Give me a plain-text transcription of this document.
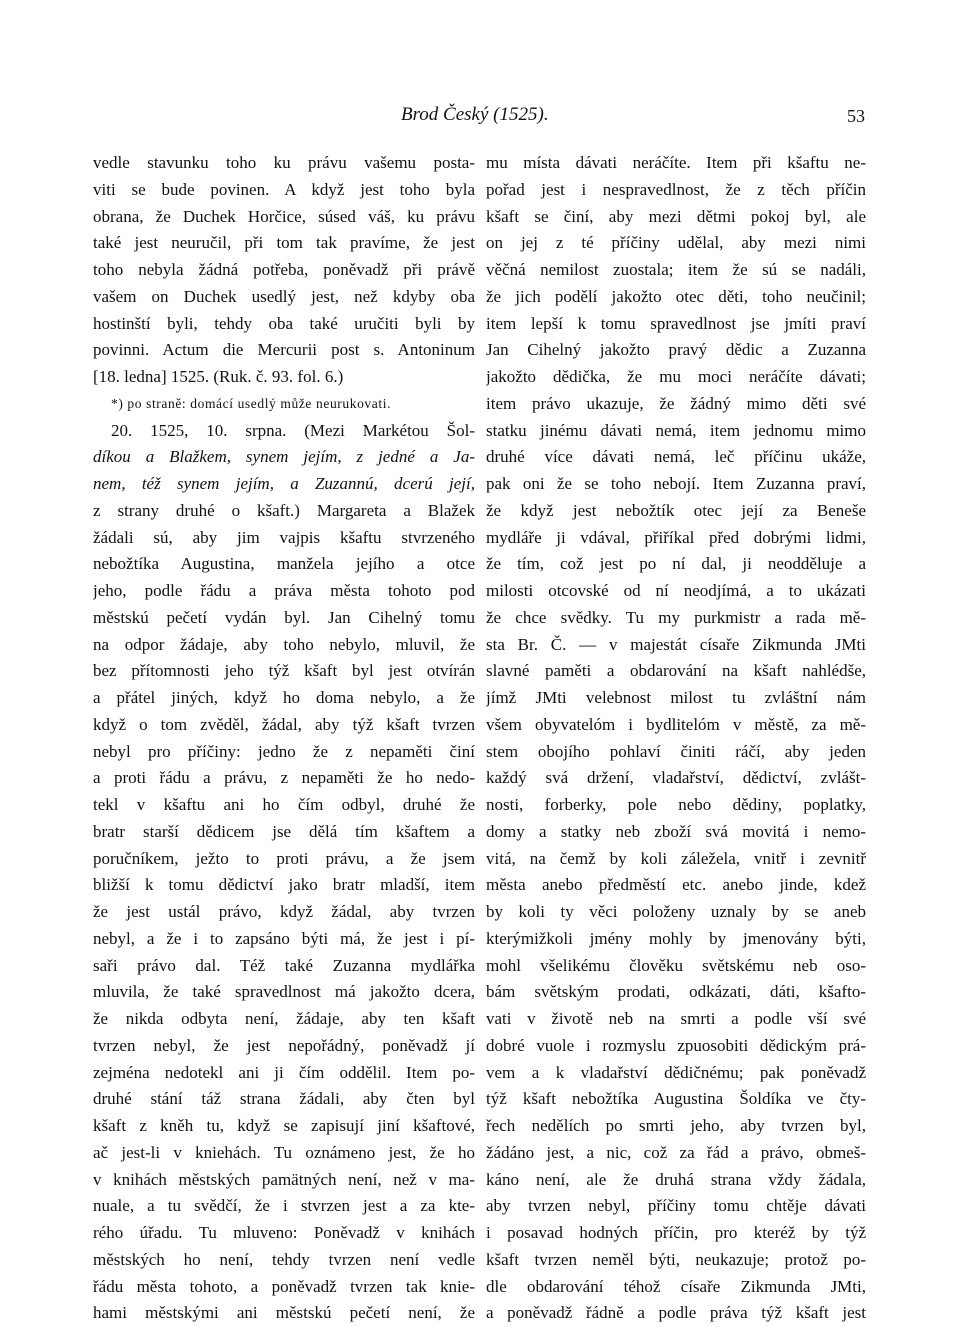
Brod Český (1525).	53
vedle stavunku toho ku právu vašemu posta-
viti se bude povinen. A když jest toho byla
obrana, že Duchek Horčice, súsed váš, ku právu
také jest neuručil, při tom tak pravíme, že jest
toho nebyla žádná potřeba, poněvadž při právě
vašem on Duchek usedlý jest, než kdyby oba
hostinští byli, tehdy oba také uručiti byli by
povinni. Actum die Mercurii post s. Antoninum
[18. ledna] 1525. (Ruk. č. 93. fol. 6.)
*) po straně: domácí usedlý může neurukovati.
20. 1525, 10. srpna. (Mezi Markétou Šol-
díkou a Blažkem, synem jejím, z jedné a Ja-
nem, též synem jejím, a Zuzannú, dcerú její,
z strany druhé o kšaft.) Margareta a Blažek
žádali sú, aby jim vajpis kšaftu stvrzeného
nebožtíka Augustina, manžela jejího a otce
jeho, podle řádu a práva města tohoto pod
městskú pečetí vydán byl. Jan Cihelný tomu
na odpor žádaje, aby toho nebylo, mluvil, že
bez přítomnosti jeho týž kšaft byl jest otvírán
a přátel jiných, když ho doma nebylo, a že
když o tom zvěděl, žádal, aby týž kšaft tvrzen
nebyl pro příčiny: jedno že z nepaměti činí
a proti řádu a právu, z nepaměti že ho nedo-
tekl v kšaftu ani ho čím odbyl, druhé že
bratr starší dědicem jse dělá tím kšaftem a
poručníkem, ježto to proti právu, a že jsem
bližší k tomu dědictví jako bratr mladší, item
že jest ustál právo, když žádal, aby tvrzen
nebyl, a že i to zapsáno býti má, že jest i pí-
saři právo dal. Též také Zuzanna mydlářka
mluvila, že také spravedlnost má jakožto dcera,
že nikda odbyta není, žádaje, aby ten kšaft
tvrzen nebyl, že jest nepořádný, poněvadž jí
zejména nedotekl ani ji čím oddělil. Item po-
druhé stání táž strana žádali, aby čten byl
kšaft z kněh tu, když se zapisují jiní kšaftové,
ač jest-li v kniehách. Tu oznámeno jest, že ho
v knihách městských pamätných není, než v ma-
nuale, a tu svědčí, že i stvrzen jest a za kte-
rého úřadu. Tu mluveno: Poněvadž v knihách
městských ho není, tehdy tvrzen není vedle
řádu města tohoto, a poněvadž tvrzen tak kniе-
hami městskými ani městskú pečetí není, že
mu místa dávati neráčíte. Item při kšaftu ne-
pořad jest i nespravedlnost, že z těch příčin
kšaft se činí, aby mezi dětmi pokoj byl, ale
on jej z té příčiny udělal, aby mezi nimi
věčná nemilost zuostala; item že sú se nadáli,
že jich podělí jakožto otec děti, toho neučinil;
item lepší k tomu spravedlnost jse jmíti praví
Jan Cihelný jakožto pravý dědic a Zuzanna
jakožto dědička, že mu moci neráčíte dávati;
item právo ukazuje, že žádný mimo děti své
statku jinému dávati nemá, item jednomu mimo
druhé více dávati nemá, leč příčinu ukáže,
pak oni že se toho nebojí. Item Zuzanna praví,
že když jest nebožtík otec její za Beneše
mydláře ji vdával, přiříkal před dobrými lidmi,
že tím, což jest po ní dal, ji neodděluje a
milosti otcovské od ní neodjímá, a to ukázati
že chce svědky. Tu my purkmistr a rada mě-
sta Br. Č. — v majestát císaře Zikmunda JMti
slavné paměti a obdarování na kšaft nahlédše,
jímž JMti velebnost milost tu zvláštní nám
všem obyvatelóm i bydlitelóm v městě, za mě-
stem obojího pohlaví činiti ráčí, aby jeden
každý svá držení, vladařství, dědictví, zvlášt-
nosti, forberky, pole nebo dědiny, poplatky,
domy a statky neb zboží svá movitá i nemo-
vitá, na čemž by koli záležela, vnitř i zevnitř
města anebo předměstí etc. anebo jinde, kdež
by koli ty věci položeny uznaly by se aneb
kterýmižkoli jmény mohly by jmenovány býti,
mohl všelikému člověku světskému neb oso-
bám světským prodati, odkázati, dáti, kšafto-
vati v životě neb na smrti a podle vší své
dobré vuole i rozmyslu zpuosobiti dědickým prá-
vem a k vladařství dědičnému; pak poněvadž
týž kšaft nebožtíka Augustina Šoldíka ve čty-
řech nedělích po smrti jeho, aby tvrzen byl,
žádáno jest, a nic, což za řád a právo, obmeš-
káno není, ale že druhá strana vždy žádala,
aby tvrzen nebyl, příčiny tomu chtěje dávati
i posavad hodných příčin, pro kteréž by týž
kšaft tvrzen neměl býti, neukazuje; protož po-
dle obdarování téhož císaře Zikmunda JMti,
a poněvadž řádně a podle práva týž kšaft jest
